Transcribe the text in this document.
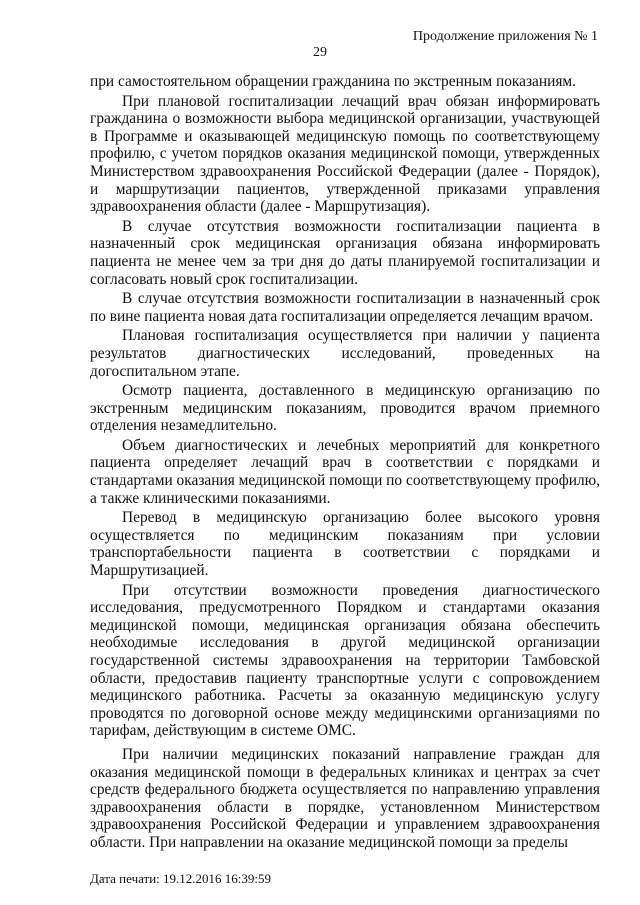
Продолжение приложения № 1
29

при самостоятельном обращении гражданина по экстренным показаниям.

При плановой госпитализации лечащий врач обязан информировать гражданина о возможности выбора медицинской организации, участвующей в Программе и оказывающей медицинскую помощь по соответствующему профилю, с учетом порядков оказания медицинской помощи, утвержденных Министерством здравоохранения Российской Федерации (далее - Порядок), и маршрутизации пациентов, утвержденной приказами управления здравоохранения области (далее - Маршрутизация).

В случае отсутствия возможности госпитализации пациента в назначенный срок медицинская организация обязана информировать пациента не менее чем за три дня до даты планируемой госпитализации и согласовать новый срок госпитализации.

В случае отсутствия возможности госпитализации в назначенный срок по вине пациента новая дата госпитализации определяется лечащим врачом.

Плановая госпитализация осуществляется при наличии у пациента результатов диагностических исследований, проведенных на догоспитальном этапе.

Осмотр пациента, доставленного в медицинскую организацию по экстренным медицинским показаниям, проводится врачом приемного отделения незамедлительно.

Объем диагностических и лечебных мероприятий для конкретного пациента определяет лечащий врач в соответствии с порядками и стандартами оказания медицинской помощи по соответствующему профилю, а также клиническими показаниями.

Перевод в медицинскую организацию более высокого уровня осуществляется по медицинским показаниям при условии транспортабельности пациента в соответствии с порядками и Маршрутизацией.

При отсутствии возможности проведения диагностического исследования, предусмотренного Порядком и стандартами оказания медицинской помощи, медицинская организация обязана обеспечить необходимые исследования в другой медицинской организации государственной системы здравоохранения на территории Тамбовской области, предоставив пациенту транспортные услуги с сопровождением медицинского работника. Расчеты за оказанную медицинскую услугу проводятся по договорной основе между медицинскими организациями по тарифам, действующим в системе ОМС.

При наличии медицинских показаний направление граждан для оказания медицинской помощи в федеральных клиниках и центрах за счет средств федерального бюджета осуществляется по направлению управления здравоохранения области в порядке, установленном Министерством здравоохранения Российской Федерации и управлением здравоохранения области. При направлении на оказание медицинской помощи за пределы

Дата печати: 19.12.2016 16:39:59
